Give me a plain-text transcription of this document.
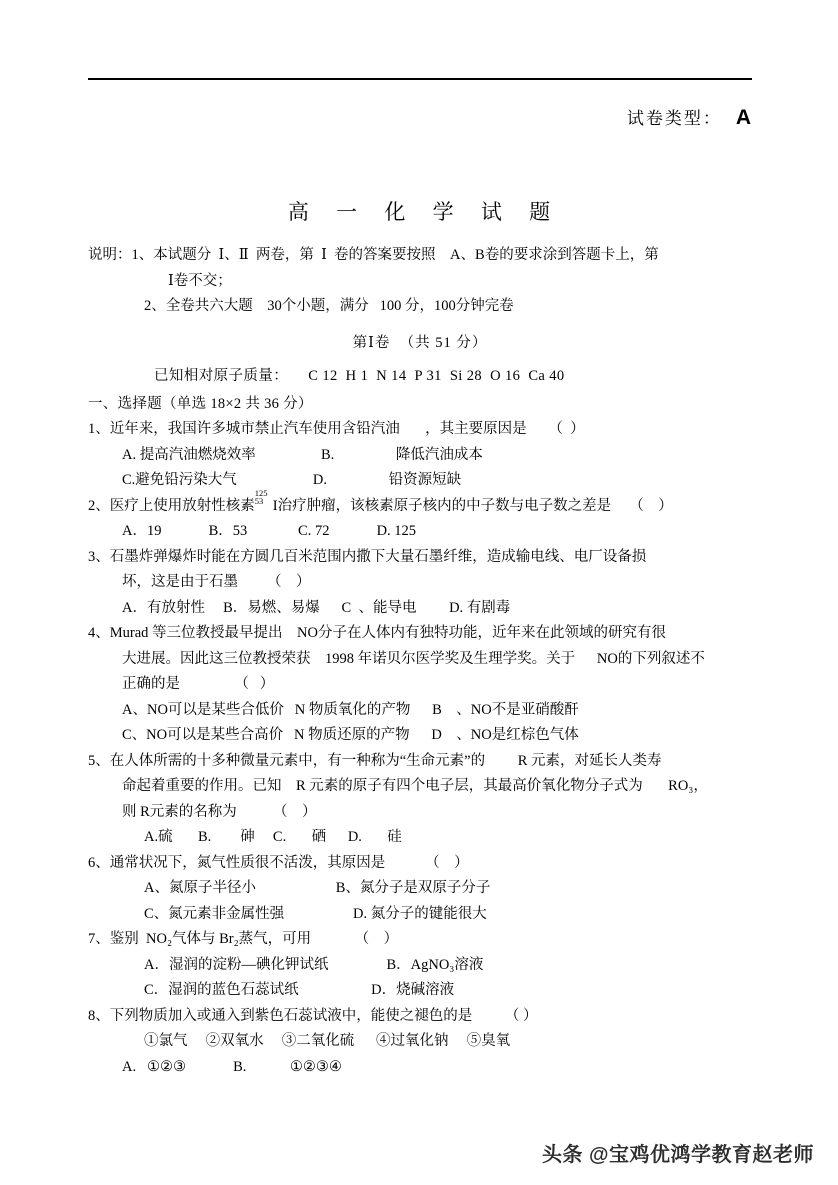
试卷类型： A
高 一 化 学 试 题
说明：1、本试题分  Ⅰ、Ⅱ  两卷，第  Ⅰ  卷的答案要按照    A、B卷的要求涂到答题卡上，第
Ⅰ卷不交；
2、全卷共六大题    30个小题，满分   100 分，100分钟完卷
第Ⅰ卷  （共 51 分）
已知相对原子质量：     C 12  H 1  N 14  P 31  Si 28  O 16  Ca 40
一、选择题（单选 18×2 共 36 分）
1、近年来，我国许多城市禁止汽车使用含铅汽油       ，其主要原因是      （  ）
A. 提高汽油燃烧效率                  B.                 降低汽油成本
C.避免铅污染大气                     D.                 铅资源短缺
2、医疗上使用放射性核素
125
53 I治疗肿瘤，该核素原子核内的中子数与电子数之差是     （    ）
A．19             B．53              C. 72             D. 125
3、石墨炸弹爆炸时能在方圆几百米范围内撒下大量石墨纤维，造成输电线、电厂设备损
坏，这是由于石墨        （    ）
A．有放射性     B．易燃、易爆      C  、能导电         D. 有剧毒
4、Murad 等三位教授最早提出    NO分子在人体内有独特功能，近年来在此领域的研究有很
大进展。因此这三位教授荣获    1998 年诺贝尔医学奖及生理学奖。关于      NO的下列叙述不
正确的是               （   ）
A、NO可以是某些合低价   N 物质氧化的产物      B    、NO不是亚硝酸酐
C、NO可以是某些合高价   N 物质还原的产物      D    、NO是红棕色气体
5、在人体所需的十多种微量元素中，有一种称为“生命元素”的         R 元素，对延长人类寿
命起着重要的作用。已知    R 元素的原子有四个电子层，其最高价氧化物分子式为       RO₃，
则 R元素的名称为          （    ）
A.硫       B.        砷     C.       硒      D.       硅
6、通常状况下，氮气性质很不活泼，其原因是           （    ）
A、氮原子半径小                      B、氮分子是双原子分子
C、氮元素非金属性强                   D. 氮分子的键能很大
7、鉴别  NO₂气体与 Br₂蒸气，可用            （    ）
A．湿润的淀粉—碘化钾试纸                B．AgNO₃溶液
C．湿润的蓝色石蕊试纸                    D．烧碱溶液
8、下列物质加入或通入到紫色石蕊试液中，能使之褪色的是         （ ）
①氯气     ②双氧水     ③二氧化硫      ④过氧化钠     ⑤臭氧
A.   ①②③             B.            ①②③④
头条 @宝鸡优鸿学教育赵老师
